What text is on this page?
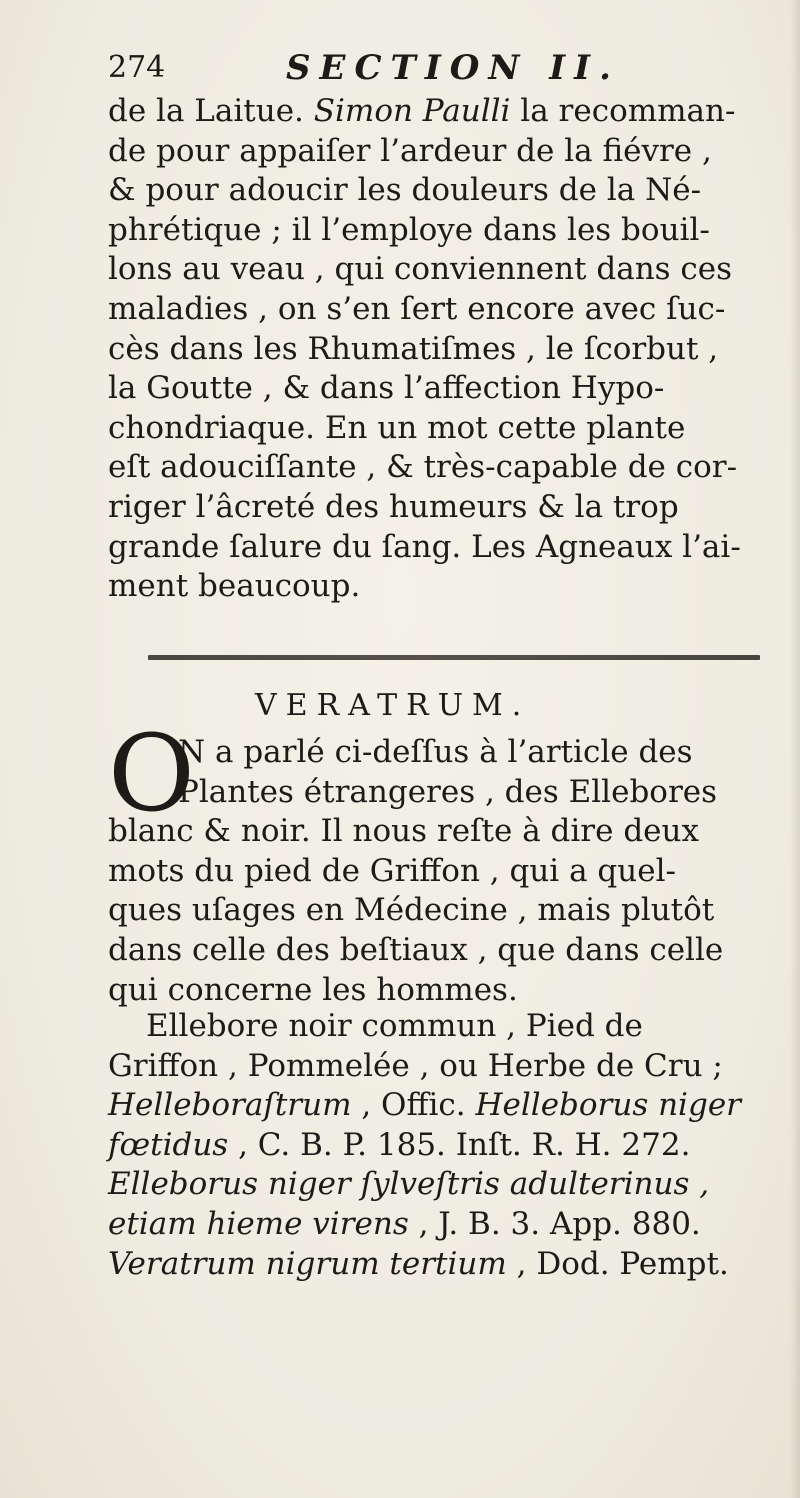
274	SECTION II.
de la Laitue. Simon Paulli la recomman-
de pour appaiſer l’ardeur de la fiévre ,
& pour adoucir les douleurs de la Né-
phrétique ; il l’employe dans les bouil-
lons au veau , qui conviennent dans ces
maladies , on s’en ſert encore avec ſuc-
cès dans les Rhumatiſmes , le ſcorbut ,
la Goutte , & dans l’affection Hypo-
chondriaque. En un mot cette plante
eſt adouciſſante , & très-capable de cor-
riger l’âcreté des humeurs & la trop
grande ſalure du ſang. Les Agneaux l’ai-
ment beaucoup.
VERATRUM.
O
N a parlé ci-deſſus à l’article des
Plantes étrangeres , des Ellebores
blanc & noir. Il nous reſte à dire deux
mots du pied de Griffon , qui a quel-
ques uſages en Médecine , mais plutôt
dans celle des beſtiaux , que dans celle
qui concerne les hommes.
Ellebore noir commun , Pied de
Griffon , Pommelée , ou Herbe de Cru ;
Helleboraſtrum , Offic. Helleborus niger
fœtidus , C. B. P. 185. Inſt. R. H. 272.
Elleborus niger ſylveſtris adulterinus ,
etiam hieme virens , J. B. 3. App. 880.
Veratrum nigrum tertium , Dod. Pempt.
